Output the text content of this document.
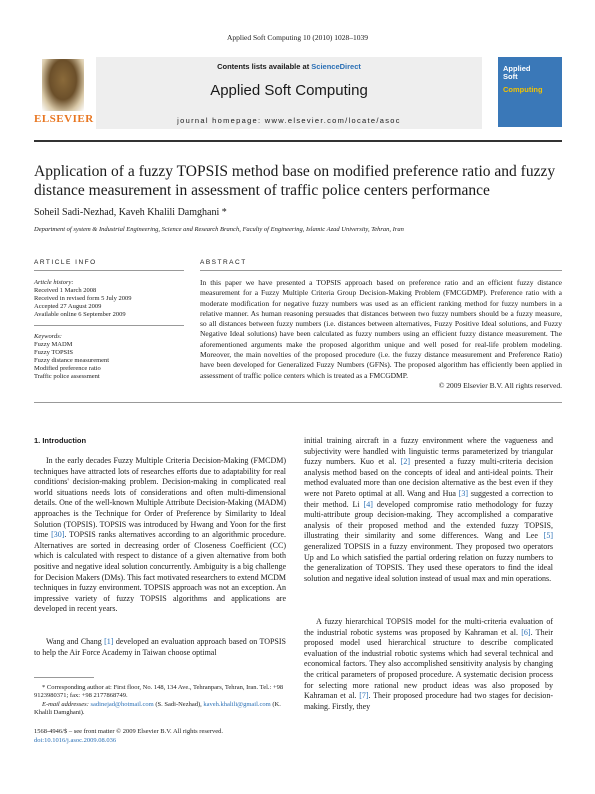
Applied Soft Computing 10 (2010) 1028–1039
ELSEVIER
Contents lists available at ScienceDirect
Applied Soft Computing
journal homepage: www.elsevier.com/locate/asoc
Applied
Soft
Computing
Application of a fuzzy TOPSIS method base on modified preference ratio and fuzzy distance measurement in assessment of traffic police centers performance
Soheil Sadi-Nezhad, Kaveh Khalili Damghani *
Department of system & Industrial Engineering, Science and Research Branch, Faculty of Engineering, Islamic Azad University, Tehran, Iran
ARTICLE INFO
Article history:
Received 1 March 2008
Received in revised form 5 July 2009
Accepted 27 August 2009
Available online 6 September 2009
Keywords:
Fuzzy MADM
Fuzzy TOPSIS
Fuzzy distance measurement
Modified preference ratio
Traffic police assessment
ABSTRACT
In this paper we have presented a TOPSIS approach based on preference ratio and an efficient fuzzy distance measurement for a Fuzzy Multiple Criteria Group Decision-Making Problem (FMCGDMP). Preference ratio with a moderate modification for negative fuzzy numbers was used as an efficient ranking method for fuzzy numbers in a relative manner. As human reasoning persuades that distances between two fuzzy numbers should be a fuzzy measure, so all distances between fuzzy numbers (i.e. distances between alternatives, Fuzzy Positive Ideal solutions, and Fuzzy Negative Ideal solutions) have been calculated as fuzzy numbers using an efficient fuzzy distance measurement. The aforementioned arguments make the proposed algorithm unique and well posed for real-life problem modeling. Moreover, the main novelties of the proposed procedure (i.e. the fuzzy distance measurement and Preference Ratio) have been developed for Generalized Fuzzy Numbers (GFNs). The proposed algorithm has efficiently been applied in assessment of traffic police centers which is treated as a FMCGDMP.
© 2009 Elsevier B.V. All rights reserved.
1. Introduction
In the early decades Fuzzy Multiple Criteria Decision-Making (FMCDM) techniques have attracted lots of researches efforts due to adaptability for real conditions' decision-making problem. Decision-making in complicated real world situations needs lots of considerations and often multi-dimensional details. One of the well-known Multiple Attribute Decision-Making (MADM) approaches is the Technique for Order of Preference by Similarity to Ideal Solution (TOPSIS). TOPSIS was introduced by Hwang and Yoon for the first time [30]. TOPSIS ranks alternatives according to an algorithmic procedure. Alternatives are sorted in decreasing order of Closeness Coefficient (CC) which is calculated with respect to distance of a given alternative from both positive and negative ideal solution concurrently. Ambiguity is a big challenge for Decision Makers (DMs). This fact motivated researchers to extend MCDM techniques in fuzzy environment. TOPSIS approach was not an exception. An impressive variety of fuzzy TOPSIS algorithms and applications are developed in recent years.
Wang and Chang [1] developed an evaluation approach based on TOPSIS to help the Air Force Academy in Taiwan choose optimal
* Corresponding author at: First floor, No. 148, 134 Ave., Tehranpars, Tehran, Iran. Tel.: +98 9123980371; fax: +98 2177868749.
E-mail addresses: sadinejad@hotmail.com (S. Sadi-Nezhad), kaveh.khalili@gmail.com (K. Khalili Damghani).
1568-4946/$ – see front matter © 2009 Elsevier B.V. All rights reserved.
doi:10.1016/j.asoc.2009.08.036
initial training aircraft in a fuzzy environment where the vagueness and subjectivity were handled with linguistic terms parameterized by triangular fuzzy numbers. Kuo et al. [2] presented a fuzzy multi-criteria decision analysis method based on the concepts of ideal and anti-ideal points. Their method evaluated more than one decision alternative as the best even if they were not Pareto optimal at all. Wang and Hua [3] suggested a correction to their method. Li [4] developed compromise ratio methodology for fuzzy multi-attribute group decision-making. They accomplished a comparative analysis of their proposed method and the extended fuzzy TOPSIS, illustrating their similarity and some differences. Wang and Lee [5] generalized TOPSIS in a fuzzy environment. They proposed two operators Up and Lo which satisfied the partial ordering relation on fuzzy numbers to the generalization of TOPSIS. They used these operators to find the ideal solution and negative ideal solution instead of usual max and min operations.
A fuzzy hierarchical TOPSIS model for the multi-criteria evaluation of the industrial robotic systems was proposed by Kahraman et al. [6]. Their proposed model used hierarchical structure to describe complicated evaluation of the industrial robotic systems which had several technical and economical factors. They also accomplished sensitivity analysis by changing the critical parameters of proposed procedure. A systematic decision process for selecting more rational new product ideas was also proposed by Kahraman et al. [7]. Their proposed procedure had two stages for decision-making. Firstly, they
